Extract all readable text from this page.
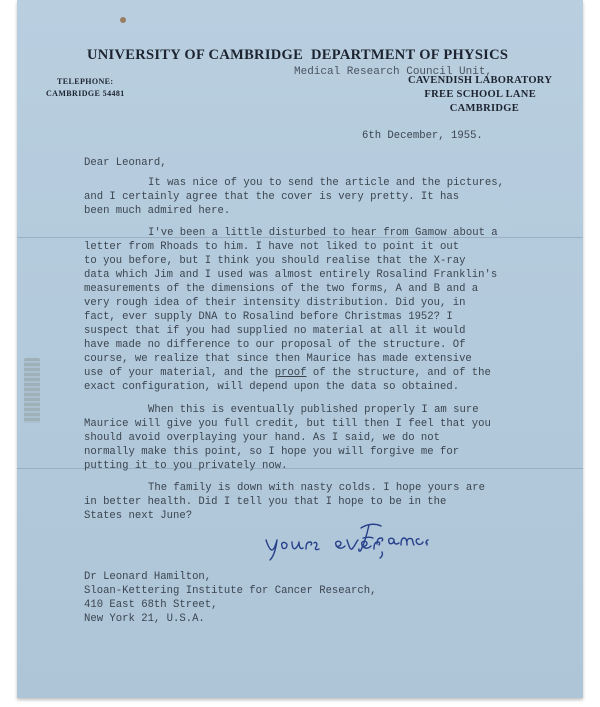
UNIVERSITY OF CAMBRIDGE DEPARTMENT OF PHYSICS
Medical Research Council Unit,
CAVENDISH LABORATORY
FREE SCHOOL LANE
CAMBRIDGE
TELEPHONE:
CAMBRIDGE 54481
6th December, 1955.
Dear Leonard,
It was nice of you to send the article and the pictures,
and I certainly agree that the cover is very pretty. It has
been much admired here.
I've been a little disturbed to hear from Gamow about a
letter from Rhoads to him. I have not liked to point it out
to you before, but I think you should realise that the X-ray
data which Jim and I used was almost entirely Rosalind Franklin's
measurements of the dimensions of the two forms, A and B and a
very rough idea of their intensity distribution. Did you, in
fact, ever supply DNA to Rosalind before Christmas 1952? I
suspect that if you had supplied no material at all it would
have made no difference to our proposal of the structure. Of
course, we realize that since then Maurice has made extensive
use of your material, and the proof of the structure, and of the
exact configuration, will depend upon the data so obtained.
When this is eventually published properly I am sure
Maurice will give you full credit, but till then I feel that you
should avoid overplaying your hand. As I said, we do not
normally make this point, so I hope you will forgive me for
putting it to you privately now.
The family is down with nasty colds. I hope yours are
in better health. Did I tell you that I hope to be in the
States next June?
Dr Leonard Hamilton,
Sloan-Kettering Institute for Cancer Research,
410 East 68th Street,
New York 21, U.S.A.
